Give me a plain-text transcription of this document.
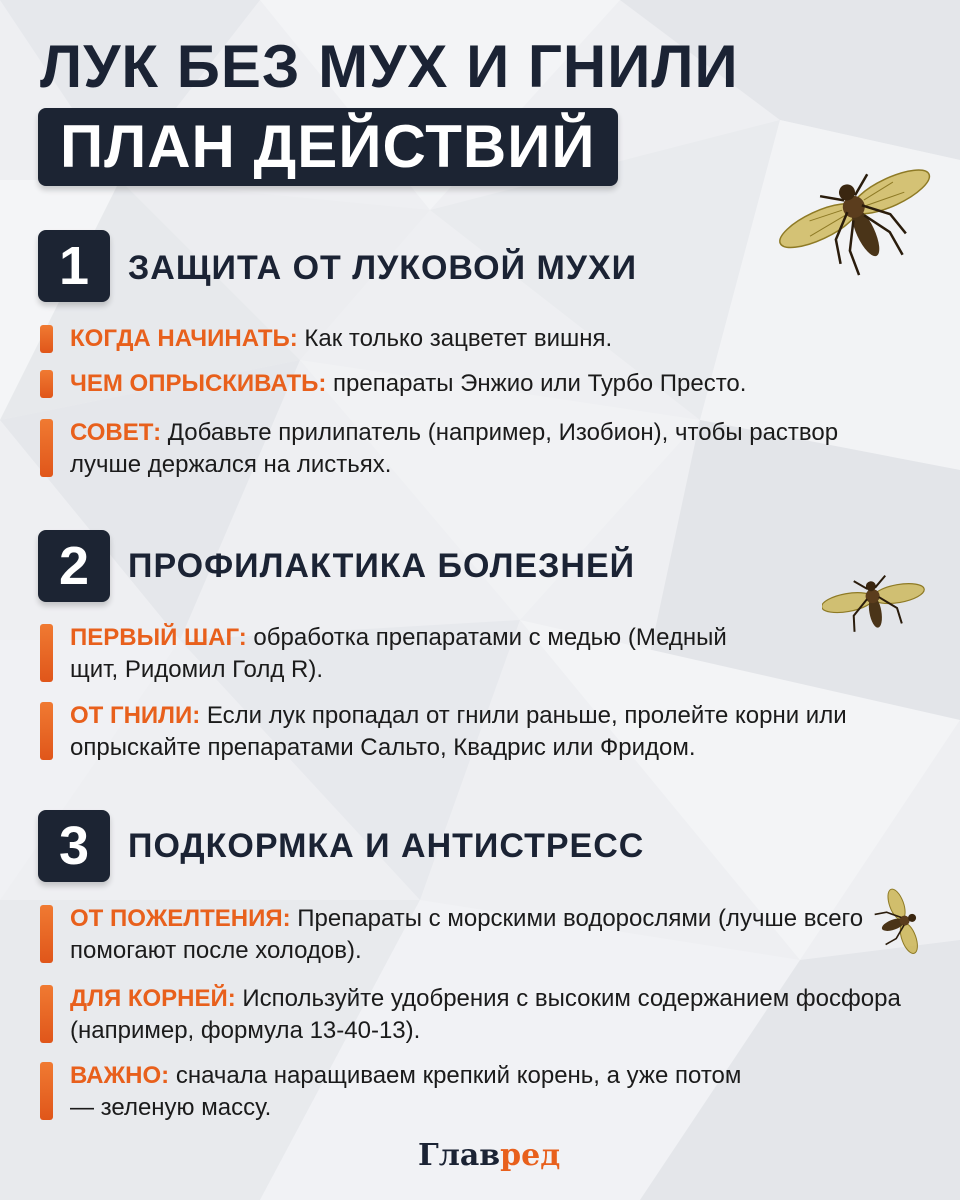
ЛУК БЕЗ МУХ И ГНИЛИ
ПЛАН ДЕЙСТВИЙ
1	ЗАЩИТА ОТ ЛУКОВОЙ МУХИ
КОГДА НАЧИНАТЬ: Как только зацветет вишня.
ЧЕМ ОПРЫСКИВАТЬ: препараты Энжио или Турбо Престо.
СОВЕТ: Добавьте прилипатель (например, Изобион), чтобы раствор лучше держался на листьях.
2	ПРОФИЛАКТИКА БОЛЕЗНЕЙ
ПЕРВЫЙ ШАГ: обработка препаратами с медью (Медный щит, Ридомил Голд R).
ОТ ГНИЛИ: Если лук пропадал от гнили раньше, пролейте корни или опрыскайте препаратами Сальто, Квадрис или Фридом.
3	ПОДКОРМКА И АНТИСТРЕСС
ОТ ПОЖЕЛТЕНИЯ: Препараты с морскими водорослями (лучше всего помогают после холодов).
ДЛЯ КОРНЕЙ: Используйте удобрения с высоким содержанием фосфора (например, формула 13-40-13).
ВАЖНО: сначала наращиваем крепкий корень, а уже потом — зеленую массу.
Главред
